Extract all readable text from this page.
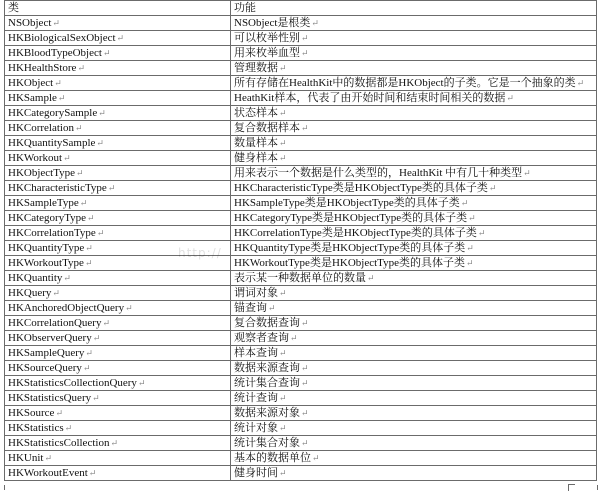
类	功能
NSObject↵	NSObject是根类↵
HKBiologicalSexObject↵	可以枚举性别↵
HKBloodTypeObject↵	用来枚举血型↵
HKHealthStore↵	管理数据↵
HKObject↵	所有存储在HealthKit中的数据都是HKObject的子类。它是一个抽象的类↵
HKSample↵	HeathKit样本，代表了由开始时间和结束时间相关的数据↵
HKCategorySample↵	状态样本↵
HKCorrelation↵	复合数据样本↵
HKQuantitySample↵	数量样本↵
HKWorkout↵	健身样本↵
HKObjectType↵	用来表示一个数据是什么类型的，HealthKit 中有几十种类型↵
HKCharacteristicType↵	HKCharacteristicType类是HKObjectType类的具体子类↵
HKSampleType↵	HKSampleType类是HKObjectType类的具体子类↵
HKCategoryType↵	HKCategoryType类是HKObjectType类的具体子类↵
HKCorrelationType↵	HKCorrelationType类是HKObjectType类的具体子类↵
HKQuantityType↵	HKQuantityType类是HKObjectType类的具体子类↵
HKWorkoutType↵	HKWorkoutType类是HKObjectType类的具体子类↵
HKQuantity↵	表示某一种数据单位的数量↵
HKQuery↵	谓词对象↵
HKAnchoredObjectQuery↵	锚查询↵
HKCorrelationQuery↵	复合数据查询↵
HKObserverQuery↵	观察者查询↵
HKSampleQuery↵	样本查询↵
HKSourceQuery↵	数据来源查询↵
HKStatisticsCollectionQuery↵	统计集合查询↵
HKStatisticsQuery↵	统计查询↵
HKSource↵	数据来源对象↵
HKStatistics↵	统计对象↵
HKStatisticsCollection↵	统计集合对象↵
HKUnit↵	基本的数据单位↵
HKWorkoutEvent↵	健身时间↵
http://
